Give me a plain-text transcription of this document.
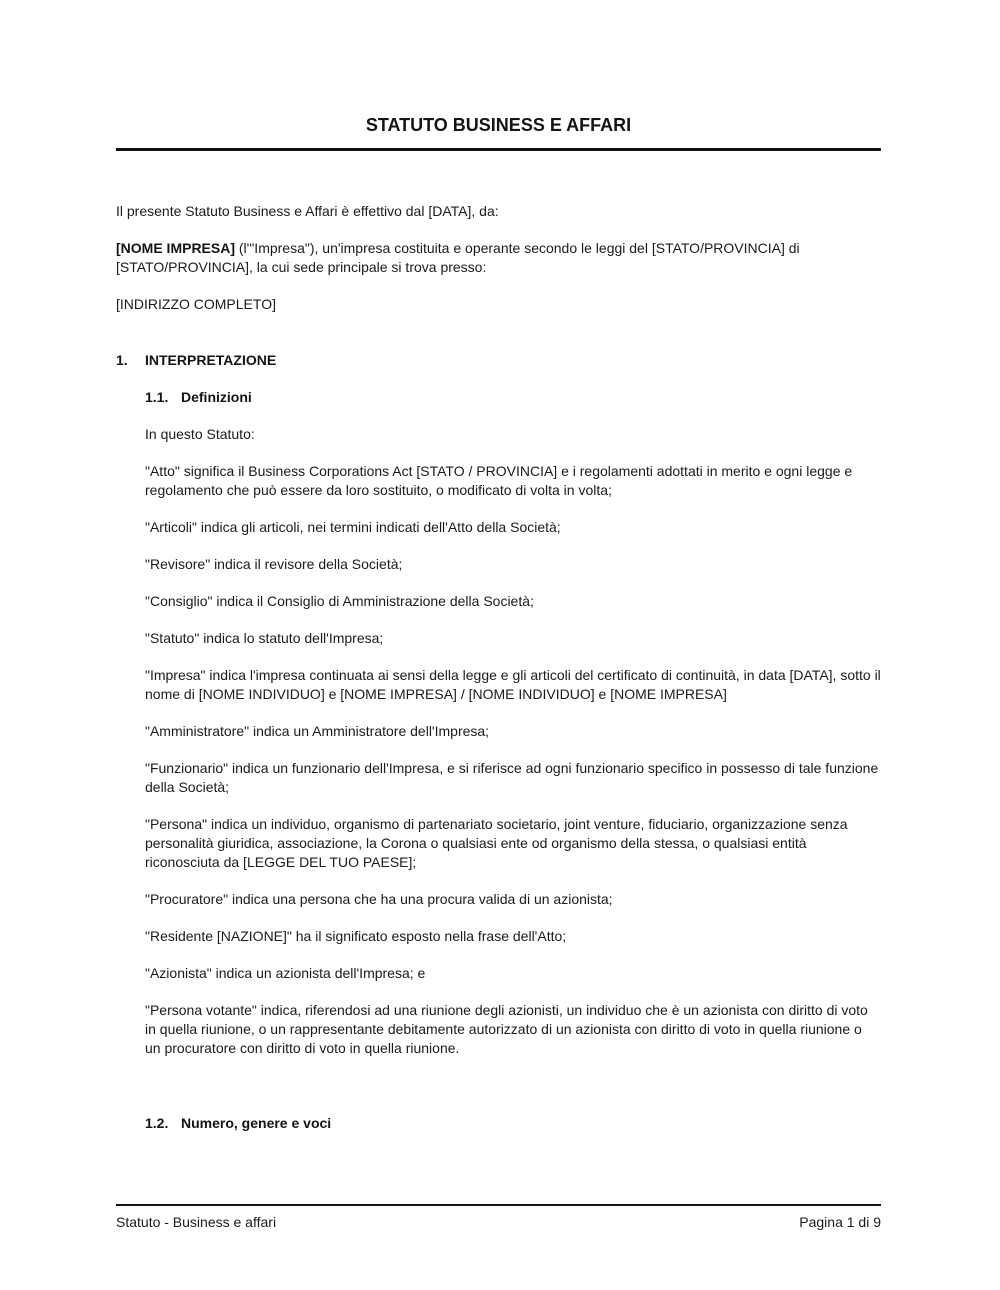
STATUTO BUSINESS E AFFARI

Il presente Statuto Business e Affari è effettivo dal [DATA], da:

[NOME IMPRESA] (l'"Impresa"), un'impresa costituita e operante secondo le leggi del [STATO/PROVINCIA] di [STATO/PROVINCIA], la cui sede principale si trova presso:

[INDIRIZZO COMPLETO]

1. INTERPRETAZIONE
1.1. Definizioni

In questo Statuto:

"Atto" significa il Business Corporations Act [STATO / PROVINCIA] e i regolamenti adottati in merito e ogni legge e regolamento che può essere da loro sostituito, o modificato di volta in volta;

"Articoli" indica gli articoli, nei termini indicati dell'Atto della Società;

"Revisore" indica il revisore della Società;

"Consiglio" indica il Consiglio di Amministrazione della Società;

"Statuto" indica lo statuto dell'Impresa;

"Impresa" indica l'impresa continuata ai sensi della legge e gli articoli del certificato di continuità, in data [DATA], sotto il nome di [NOME INDIVIDUO] e [NOME IMPRESA] / [NOME INDIVIDUO] e [NOME IMPRESA]

"Amministratore" indica un Amministratore dell'Impresa;

"Funzionario" indica un funzionario dell'Impresa, e si riferisce ad ogni funzionario specifico in possesso di tale funzione della Società;

"Persona" indica un individuo, organismo di partenariato societario, joint venture, fiduciario, organizzazione senza personalità giuridica, associazione, la Corona o qualsiasi ente od organismo della stessa, o qualsiasi entità riconosciuta da [LEGGE DEL TUO PAESE];

"Procuratore" indica una persona che ha una procura valida di un azionista;

"Residente [NAZIONE]" ha il significato esposto nella frase dell'Atto;

"Azionista" indica un azionista dell'Impresa; e

"Persona votante" indica, riferendosi ad una riunione degli azionisti, un individuo che è un azionista con diritto di voto in quella riunione, o un rappresentante debitamente autorizzato di un azionista con diritto di voto in quella riunione o un procuratore con diritto di voto in quella riunione.

1.2. Numero, genere e voci
Statuto - Business e affari	Pagina 1 di 9
